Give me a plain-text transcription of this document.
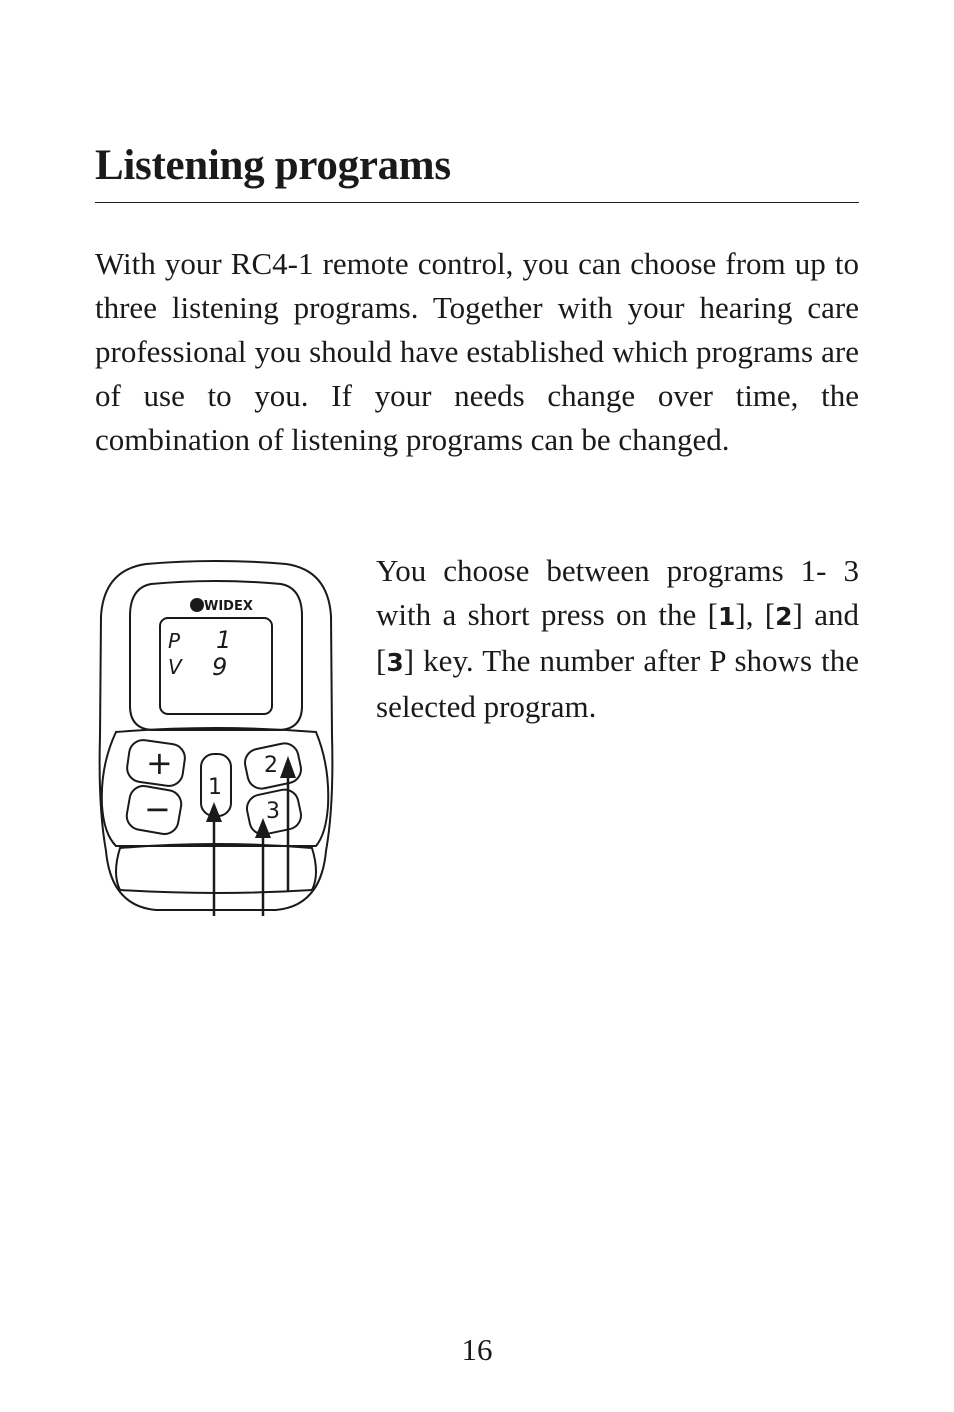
Listening programs

With your RC4-1 remote control, you can choose from up to three listening programs. Together with your hearing care professional you should have established which programs are of use to you. If your needs change over time, the combination of listening programs can be changed.

You choose between programs 1- 3 with a short press on the [1], [2] and [3] key. The number after P shows the selected program.

WIDEX
P 1
V 9
+
−
1
2
3
16
